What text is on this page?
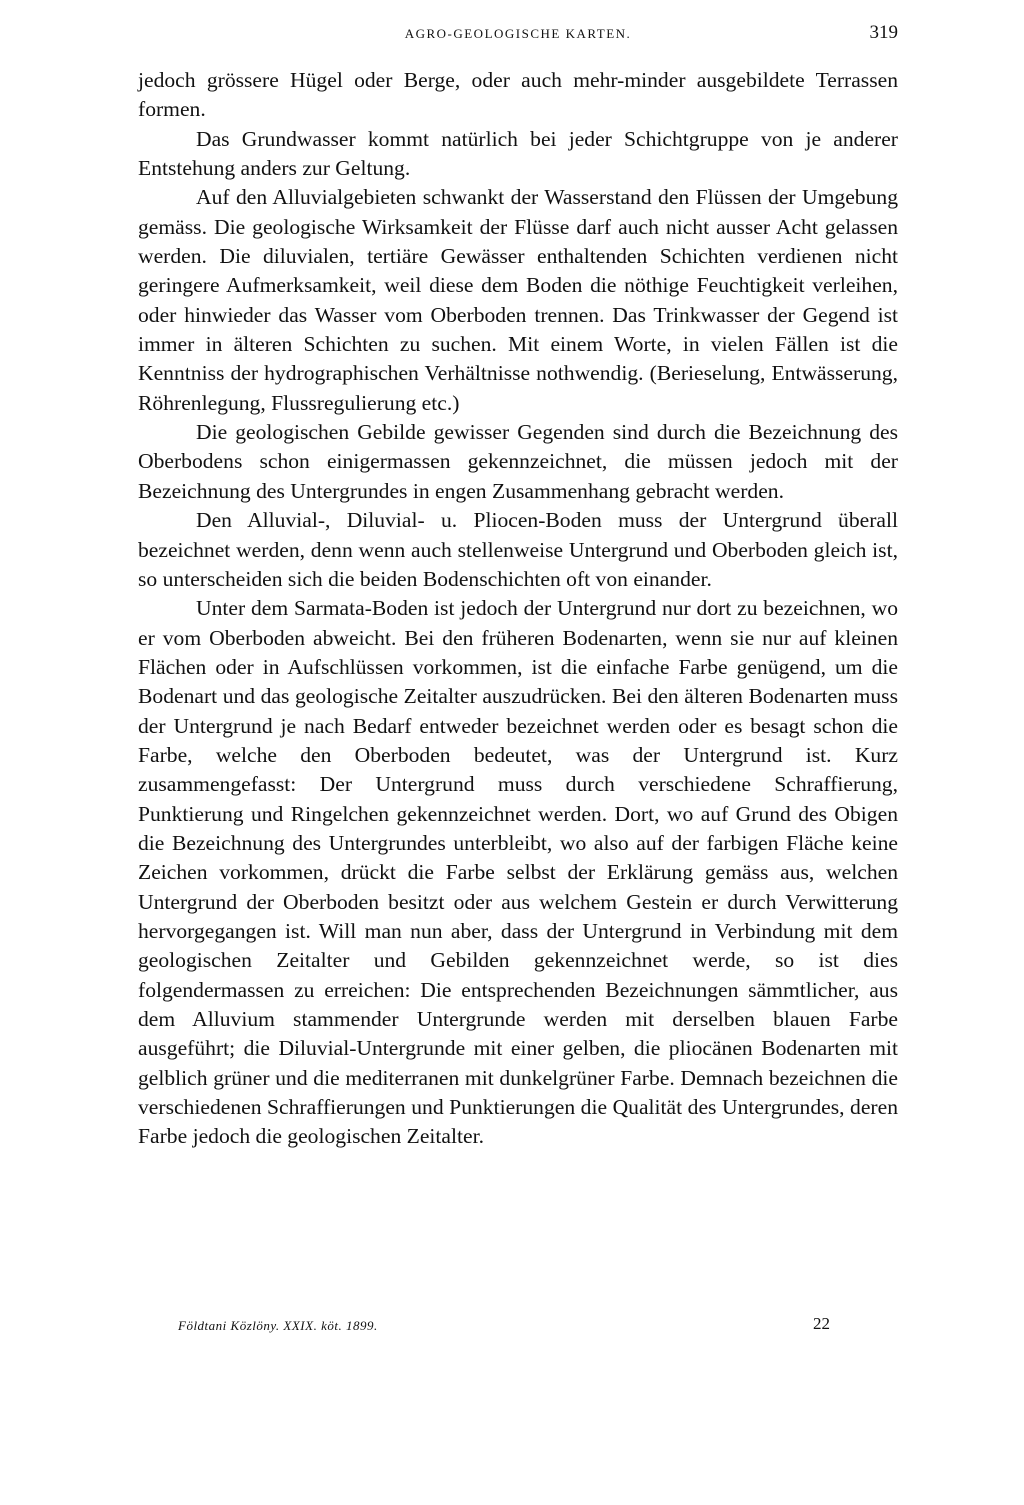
AGRO-GEOLOGISCHE KARTEN.	319

jedoch grössere Hügel oder Berge, oder auch mehr-minder ausgebildete Terrassen formen.

Das Grundwasser kommt natürlich bei jeder Schichtgruppe von je anderer Entstehung anders zur Geltung.

Auf den Alluvialgebieten schwankt der Wasserstand den Flüssen der Umgebung gemäss. Die geologische Wirksamkeit der Flüsse darf auch nicht ausser Acht gelassen werden. Die diluvialen, tertiäre Gewässer enthaltenden Schichten verdienen nicht geringere Aufmerksamkeit, weil diese dem Boden die nöthige Feuchtigkeit verleihen, oder hinwieder das Wasser vom Oberboden trennen. Das Trinkwasser der Gegend ist immer in älteren Schichten zu suchen. Mit einem Worte, in vielen Fällen ist die Kenntniss der hydrographischen Verhältnisse nothwendig. (Berieselung, Entwässerung, Röhrenlegung, Flussregulierung etc.)

Die geologischen Gebilde gewisser Gegenden sind durch die Bezeichnung des Oberbodens schon einigermassen gekennzeichnet, die müssen jedoch mit der Bezeichnung des Untergrundes in engen Zusammenhang gebracht werden.

Den Alluvial-, Diluvial- u. Pliocen-Boden muss der Untergrund überall bezeichnet werden, denn wenn auch stellenweise Untergrund und Oberboden gleich ist, so unterscheiden sich die beiden Bodenschichten oft von einander.

Unter dem Sarmata-Boden ist jedoch der Untergrund nur dort zu bezeichnen, wo er vom Oberboden abweicht. Bei den früheren Bodenarten, wenn sie nur auf kleinen Flächen oder in Aufschlüssen vorkommen, ist die einfache Farbe genügend, um die Bodenart und das geologische Zeitalter auszudrücken. Bei den älteren Bodenarten muss der Untergrund je nach Bedarf entweder bezeichnet werden oder es besagt schon die Farbe, welche den Oberboden bedeutet, was der Untergrund ist. Kurz zusammengefasst: Der Untergrund muss durch verschiedene Schraffierung, Punktierung und Ringelchen gekennzeichnet werden. Dort, wo auf Grund des Obigen die Bezeichnung des Untergrundes unterbleibt, wo also auf der farbigen Fläche keine Zeichen vorkommen, drückt die Farbe selbst der Erklärung gemäss aus, welchen Untergrund der Oberboden besitzt oder aus welchem Gestein er durch Verwitterung hervorgegangen ist. Will man nun aber, dass der Untergrund in Verbindung mit dem geologischen Zeitalter und Gebilden gekennzeichnet werde, so ist dies folgendermassen zu erreichen: Die entsprechenden Bezeichnungen sämmtlicher, aus dem Alluvium stammender Untergrunde werden mit derselben blauen Farbe ausgeführt; die Diluvial-Untergrunde mit einer gelben, die pliocänen Bodenarten mit gelblich grüner und die mediterranen mit dunkelgrüner Farbe. Demnach bezeichnen die verschiedenen Schraffierungen und Punktierungen die Qualität des Untergrundes, deren Farbe jedoch die geologischen Zeitalter.

Földtani Közlöny. XXIX. köt. 1899.	22
